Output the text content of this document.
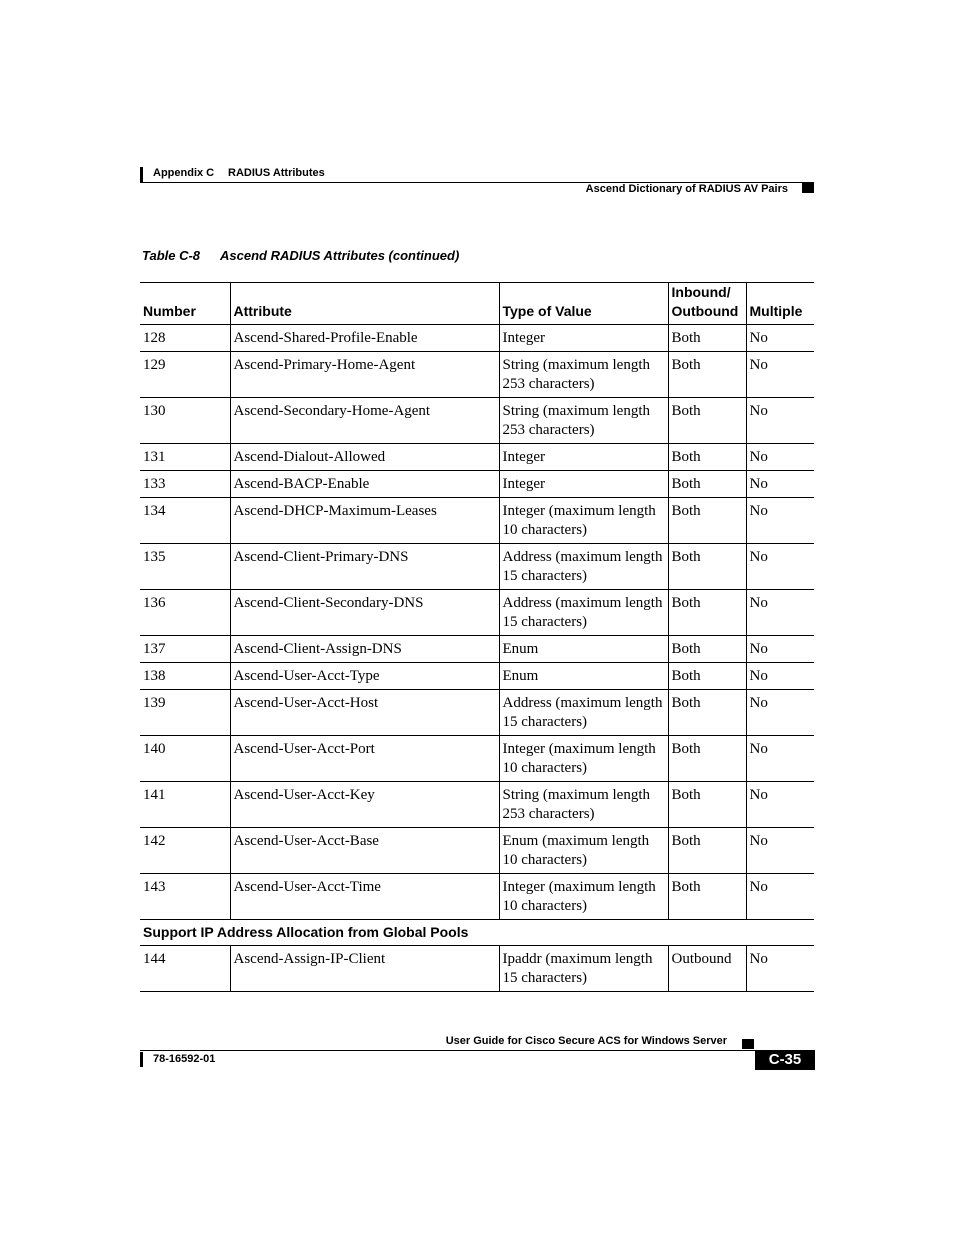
Appendix C RADIUS Attributes
Ascend Dictionary of RADIUS AV Pairs
Table C-8 Ascend RADIUS Attributes (continued)
Number	Attribute	Type of Value	Inbound/ Outbound	Multiple
128	Ascend-Shared-Profile-Enable	Integer	Both	No
129	Ascend-Primary-Home-Agent	String (maximum length 253 characters)	Both	No
130	Ascend-Secondary-Home-Agent	String (maximum length 253 characters)	Both	No
131	Ascend-Dialout-Allowed	Integer	Both	No
133	Ascend-BACP-Enable	Integer	Both	No
134	Ascend-DHCP-Maximum-Leases	Integer (maximum length 10 characters)	Both	No
135	Ascend-Client-Primary-DNS	Address (maximum length 15 characters)	Both	No
136	Ascend-Client-Secondary-DNS	Address (maximum length 15 characters)	Both	No
137	Ascend-Client-Assign-DNS	Enum	Both	No
138	Ascend-User-Acct-Type	Enum	Both	No
139	Ascend-User-Acct-Host	Address (maximum length 15 characters)	Both	No
140	Ascend-User-Acct-Port	Integer (maximum length 10 characters)	Both	No
141	Ascend-User-Acct-Key	String (maximum length 253 characters)	Both	No
142	Ascend-User-Acct-Base	Enum (maximum length 10 characters)	Both	No
143	Ascend-User-Acct-Time	Integer (maximum length 10 characters)	Both	No
Support IP Address Allocation from Global Pools				
144	Ascend-Assign-IP-Client	Ipaddr (maximum length 15 characters)	Outbound	No
User Guide for Cisco Secure ACS for Windows Server
78-16592-01	C-35
